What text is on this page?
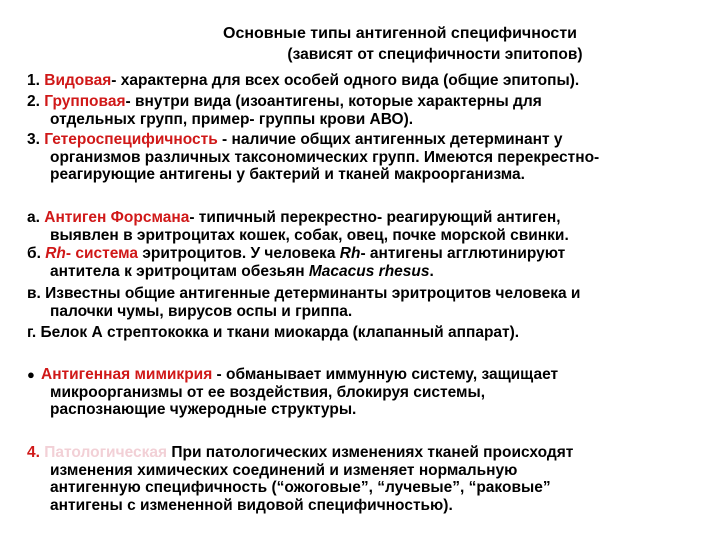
Основные типы антигенной специфичности
(зависят от специфичности эпитопов)
1. Видовая- характерна для всех особей одного вида (общие эпитопы).
2. Групповая- внутри вида (изоантигены, которые характерны для
отдельных групп, пример- группы крови АВО).
3. Гетероспецифичность - наличие общих антигенных детерминант у
организмов различных таксономических групп. Имеются перекрестно-
реагирующие антигены у бактерий и тканей макроорганизма.
а. Антиген Форсмана- типичный перекрестно- реагирующий антиген,
выявлен в эритроцитах кошек, собак, овец, почке морской свинки.
б. Rh- система эритроцитов. У человека Rh- антигены агглютинируют
антитела к эритроцитам обезьян Macacus rhesus.
в. Известны общие антигенные детерминанты эритроцитов человека и
палочки чумы, вирусов оспы и гриппа.
г. Белок А стрептококка и ткани миокарда (клапанный аппарат).
● Антигенная мимикрия - обманывает иммунную систему, защищает
микроорганизмы от ее воздействия, блокируя системы,
распознающие чужеродные структуры.
4. Патологическая При патологических изменениях тканей происходят
изменения химических соединений и изменяет нормальную
антигенную специфичность (“ожоговые”, “лучевые”, “раковые”
антигены с измененной видовой специфичностью).
